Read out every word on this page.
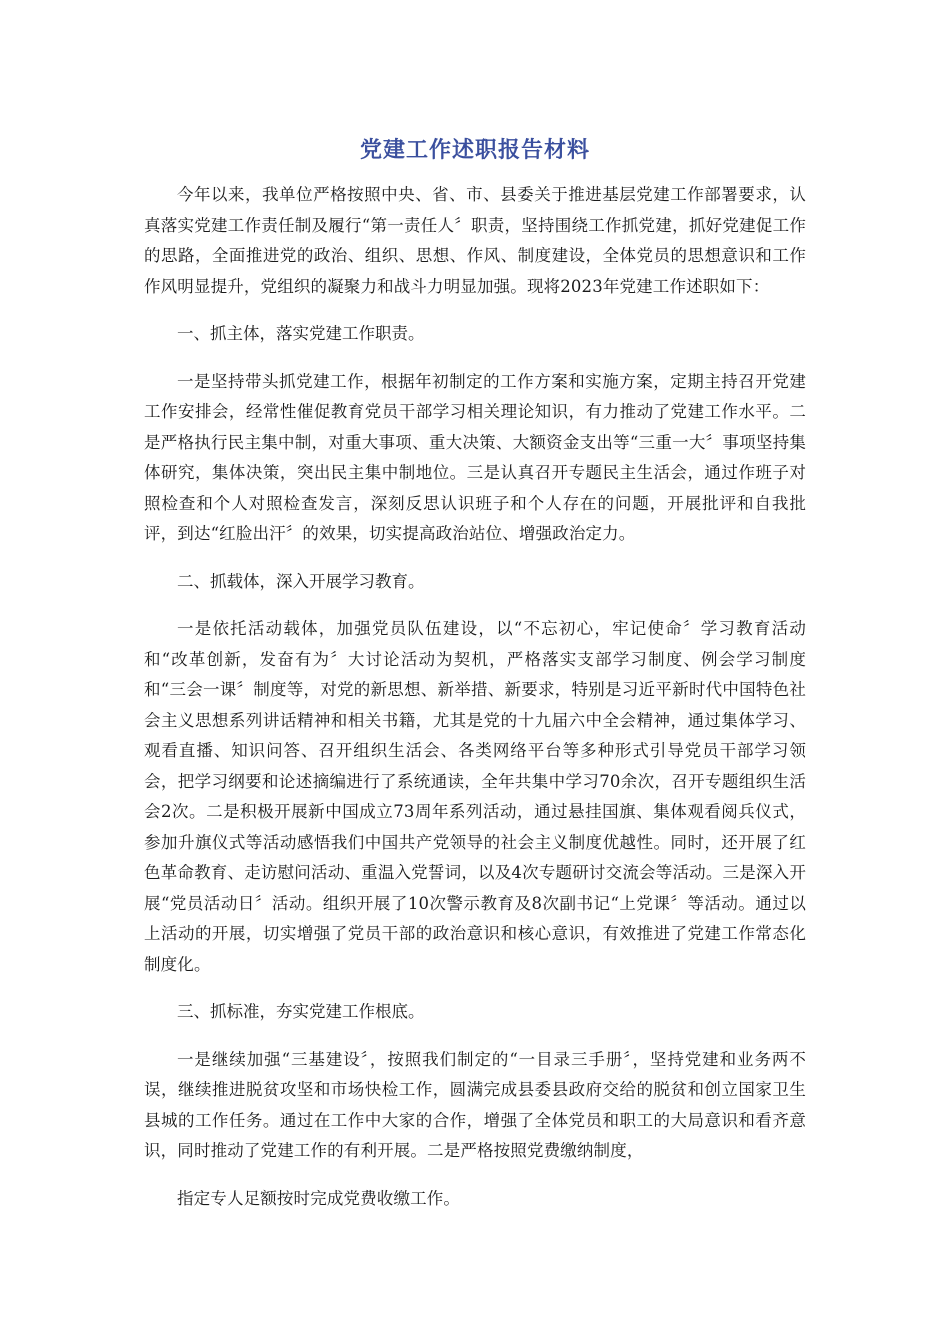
党建工作述职报告材料

今年以来，我单位严格按照中央、省、市、县委关于推进基层党建工作部署要求，认真落实党建工作责任制及履行“第一责任人〞职责，坚持围绕工作抓党建，抓好党建促工作的思路，全面推进党的政治、组织、思想、作风、制度建设，全体党员的思想意识和工作作风明显提升，党组织的凝聚力和战斗力明显加强。现将2023年党建工作述职如下：

一、抓主体，落实党建工作职责。

一是坚持带头抓党建工作，根据年初制定的工作方案和实施方案，定期主持召开党建工作安排会，经常性催促教育党员干部学习相关理论知识，有力推动了党建工作水平。二是严格执行民主集中制，对重大事项、重大决策、大额资金支出等“三重一大〞事项坚持集体研究，集体决策，突出民主集中制地位。三是认真召开专题民主生活会，通过作班子对照检查和个人对照检查发言，深刻反思认识班子和个人存在的问题，开展批评和自我批评，到达“红脸出汗〞的效果，切实提高政治站位、增强政治定力。

二、抓载体，深入开展学习教育。

一是依托活动载体，加强党员队伍建设，以“不忘初心，牢记使命〞学习教育活动和“改革创新，发奋有为〞大讨论活动为契机，严格落实支部学习制度、例会学习制度和“三会一课〞制度等，对党的新思想、新举措、新要求，特别是习近平新时代中国特色社会主义思想系列讲话精神和相关书籍，尤其是党的十九届六中全会精神，通过集体学习、观看直播、知识问答、召开组织生活会、各类网络平台等多种形式引导党员干部学习领会，把学习纲要和论述摘编进行了系统通读，全年共集中学习70余次，召开专题组织生活会2次。二是积极开展新中国成立73周年系列活动，通过悬挂国旗、集体观看阅兵仪式，参加升旗仪式等活动感悟我们中国共产党领导的社会主义制度优越性。同时，还开展了红色革命教育、走访慰问活动、重温入党誓词，以及4次专题研讨交流会等活动。三是深入开展“党员活动日〞活动。组织开展了10次警示教育及8次副书记“上党课〞等活动。通过以上活动的开展，切实增强了党员干部的政治意识和核心意识，有效推进了党建工作常态化制度化。

三、抓标准，夯实党建工作根底。

一是继续加强“三基建设〞，按照我们制定的“一目录三手册〞，坚持党建和业务两不误，继续推进脱贫攻坚和市场快检工作，圆满完成县委县政府交给的脱贫和创立国家卫生县城的工作任务。通过在工作中大家的合作，增强了全体党员和职工的大局意识和看齐意识，同时推动了党建工作的有利开展。二是严格按照党费缴纳制度，

指定专人足额按时完成党费收缴工作。
